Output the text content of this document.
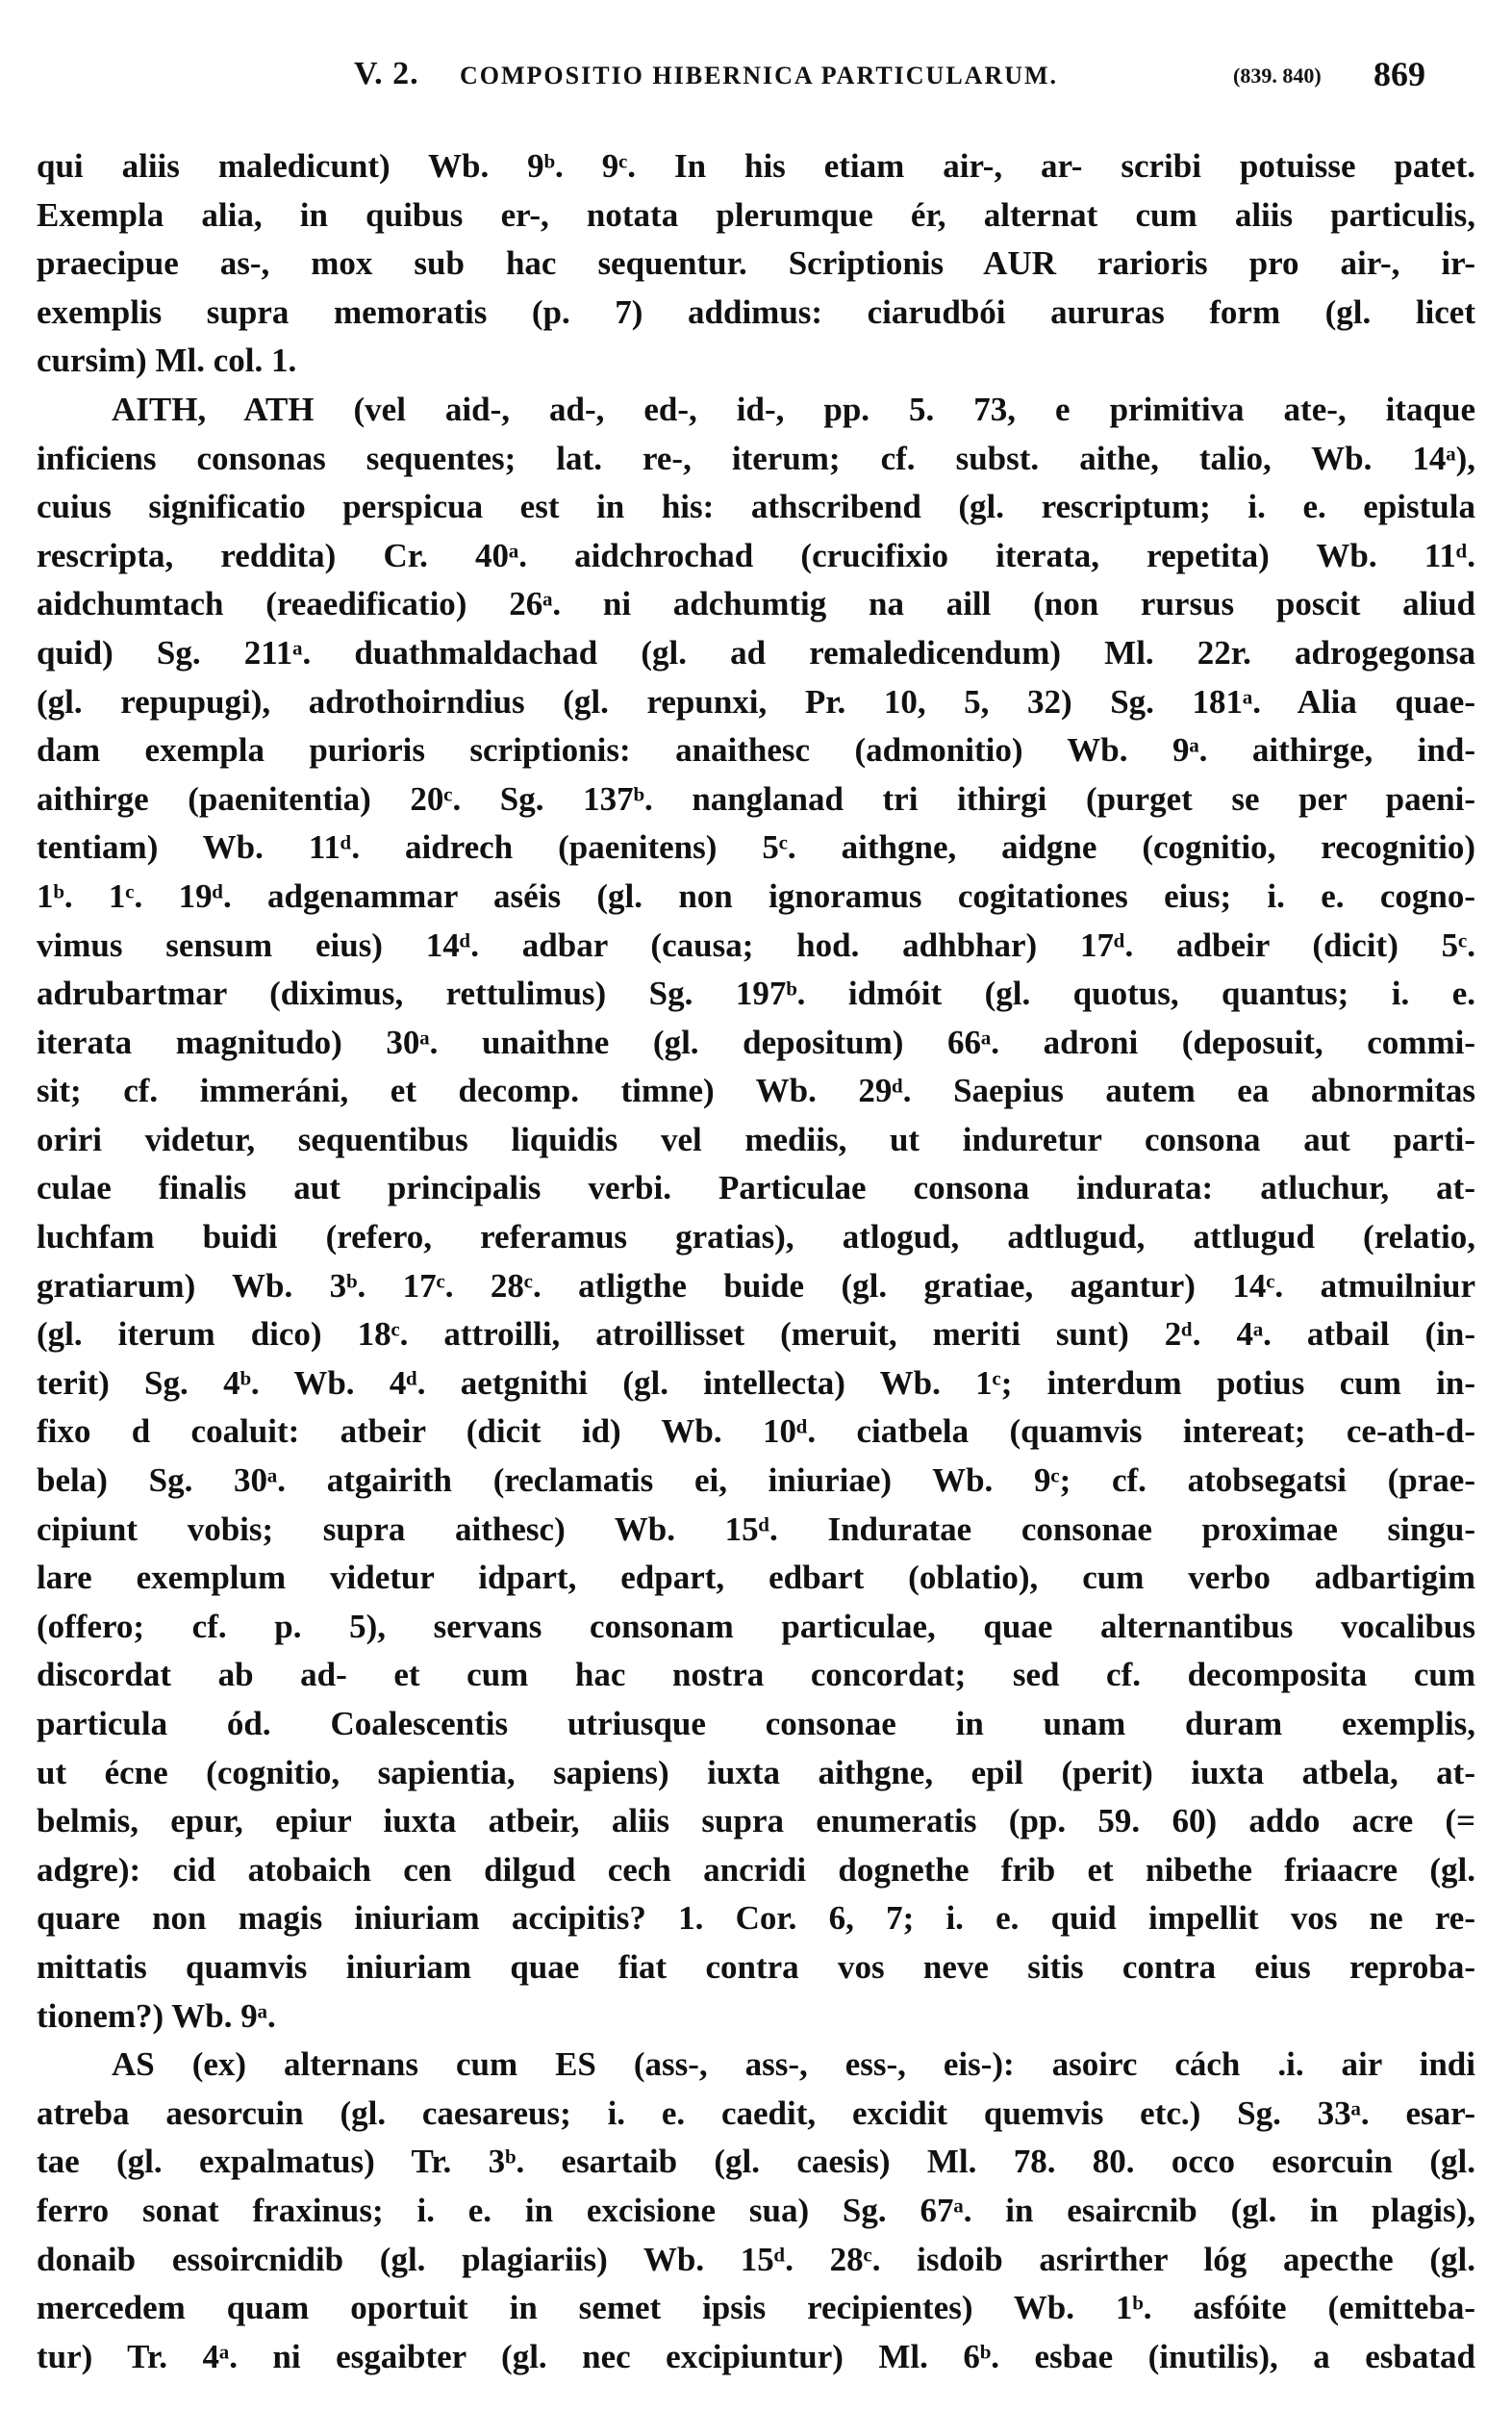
V. 2. COMPOSITIO HIBERNICA PARTICULARUM.	(839. 840) 869
qui aliis maledicunt) Wb. 9ᵇ. 9ᶜ. In his etiam air-, ar- scribi potuisse patet.
Exempla alia, in quibus er-, notata plerumque ér, alternat cum aliis particulis,
praecipue as-, mox sub hac sequentur. Scriptionis AUR rarioris pro air-, ir-
exemplis supra memoratis (p. 7) addimus: ciarudbói aururas form (gl. licet
cursim) Ml. col. 1.
AITH, ATH (vel aid-, ad-, ed-, id-, pp. 5. 73, e primitiva ate-, itaque
inficiens consonas sequentes; lat. re-, iterum; cf. subst. aithe, talio, Wb. 14ᵃ),
cuius significatio perspicua est in his: athscribend (gl. rescriptum; i. e. epistula
rescripta, reddita) Cr. 40ᵃ. aidchrochad (crucifixio iterata, repetita) Wb. 11ᵈ.
aidchumtach (reaedificatio) 26ᵃ. ni adchumtig na aill (non rursus poscit aliud
quid) Sg. 211ᵃ. duathmaldachad (gl. ad remaledicendum) Ml. 22r. adrogegonsa
(gl. repupugi), adrothoirndius (gl. repunxi, Pr. 10, 5, 32) Sg. 181ᵃ. Alia quae-
dam exempla purioris scriptionis: anaithesc (admonitio) Wb. 9ᵃ. aithirge, ind-
aithirge (paenitentia) 20ᶜ. Sg. 137ᵇ. nanglanad tri ithirgi (purget se per paeni-
tentiam) Wb. 11ᵈ. aidrech (paenitens) 5ᶜ. aithgne, aidgne (cognitio, recognitio)
1ᵇ. 1ᶜ. 19ᵈ. adgenammar aséis (gl. non ignoramus cogitationes eius; i. e. cogno-
vimus sensum eius) 14ᵈ. adbar (causa; hod. adhbhar) 17ᵈ. adbeir (dicit) 5ᶜ.
adrubartmar (diximus, rettulimus) Sg. 197ᵇ. idmóit (gl. quotus, quantus; i. e.
iterata magnitudo) 30ᵃ. unaithne (gl. depositum) 66ᵃ. adroni (deposuit, commi-
sit; cf. immeráni, et decomp. timne) Wb. 29ᵈ. Saepius autem ea abnormitas
oriri videtur, sequentibus liquidis vel mediis, ut induretur consona aut parti-
culae finalis aut principalis verbi. Particulae consona indurata: atluchur, at-
luchfam buidi (refero, referamus gratias), atlogud, adtlugud, attlugud (relatio,
gratiarum) Wb. 3ᵇ. 17ᶜ. 28ᶜ. atligthe buide (gl. gratiae, agantur) 14ᶜ. atmuilniur
(gl. iterum dico) 18ᶜ. attroilli, atroillisset (meruit, meriti sunt) 2ᵈ. 4ᵃ. atbail (in-
terit) Sg. 4ᵇ. Wb. 4ᵈ. aetgnithi (gl. intellecta) Wb. 1ᶜ; interdum potius cum in-
fixo d coaluit: atbeir (dicit id) Wb. 10ᵈ. ciatbela (quamvis intereat; ce-ath-d-
bela) Sg. 30ᵃ. atgairith (reclamatis ei, iniuriae) Wb. 9ᶜ; cf. atobsegatsi (prae-
cipiunt vobis; supra aithesc) Wb. 15ᵈ. Induratae consonae proximae singu-
lare exemplum videtur idpart, edpart, edbart (oblatio), cum verbo adbartigim
(offero; cf. p. 5), servans consonam particulae, quae alternantibus vocalibus
discordat ab ad- et cum hac nostra concordat; sed cf. decomposita cum
particula ód. Coalescentis utriusque consonae in unam duram exemplis,
ut écne (cognitio, sapientia, sapiens) iuxta aithgne, epil (perit) iuxta atbela, at-
belmis, epur, epiur iuxta atbeir, aliis supra enumeratis (pp. 59. 60) addo acre (=
adgre): cid atobaich cen dilgud cech ancridi dognethe frib et nibethe friaacre (gl.
quare non magis iniuriam accipitis? 1. Cor. 6, 7; i. e. quid impellit vos ne re-
mittatis quamvis iniuriam quae fiat contra vos neve sitis contra eius reproba-
tionem?) Wb. 9ᵃ.
AS (ex) alternans cum ES (ass-, ass-, ess-, eis-): asoirc cách .i. air indi
atreba aesorcuin (gl. caesareus; i. e. caedit, excidit quemvis etc.) Sg. 33ᵃ. esar-
tae (gl. expalmatus) Tr. 3ᵇ. esartaib (gl. caesis) Ml. 78. 80. occo esorcuin (gl.
ferro sonat fraxinus; i. e. in excisione sua) Sg. 67ᵃ. in esaircnib (gl. in plagis),
donaib essoircnidib (gl. plagiariis) Wb. 15ᵈ. 28ᶜ. isdoib asrirther lóg apecthe (gl.
mercedem quam oportuit in semet ipsis recipientes) Wb. 1ᵇ. asfóite (emitteba-
tur) Tr. 4ᵃ. ni esgaibter (gl. nec excipiuntur) Ml. 6ᵇ. esbae (inutilis), a esbatad
